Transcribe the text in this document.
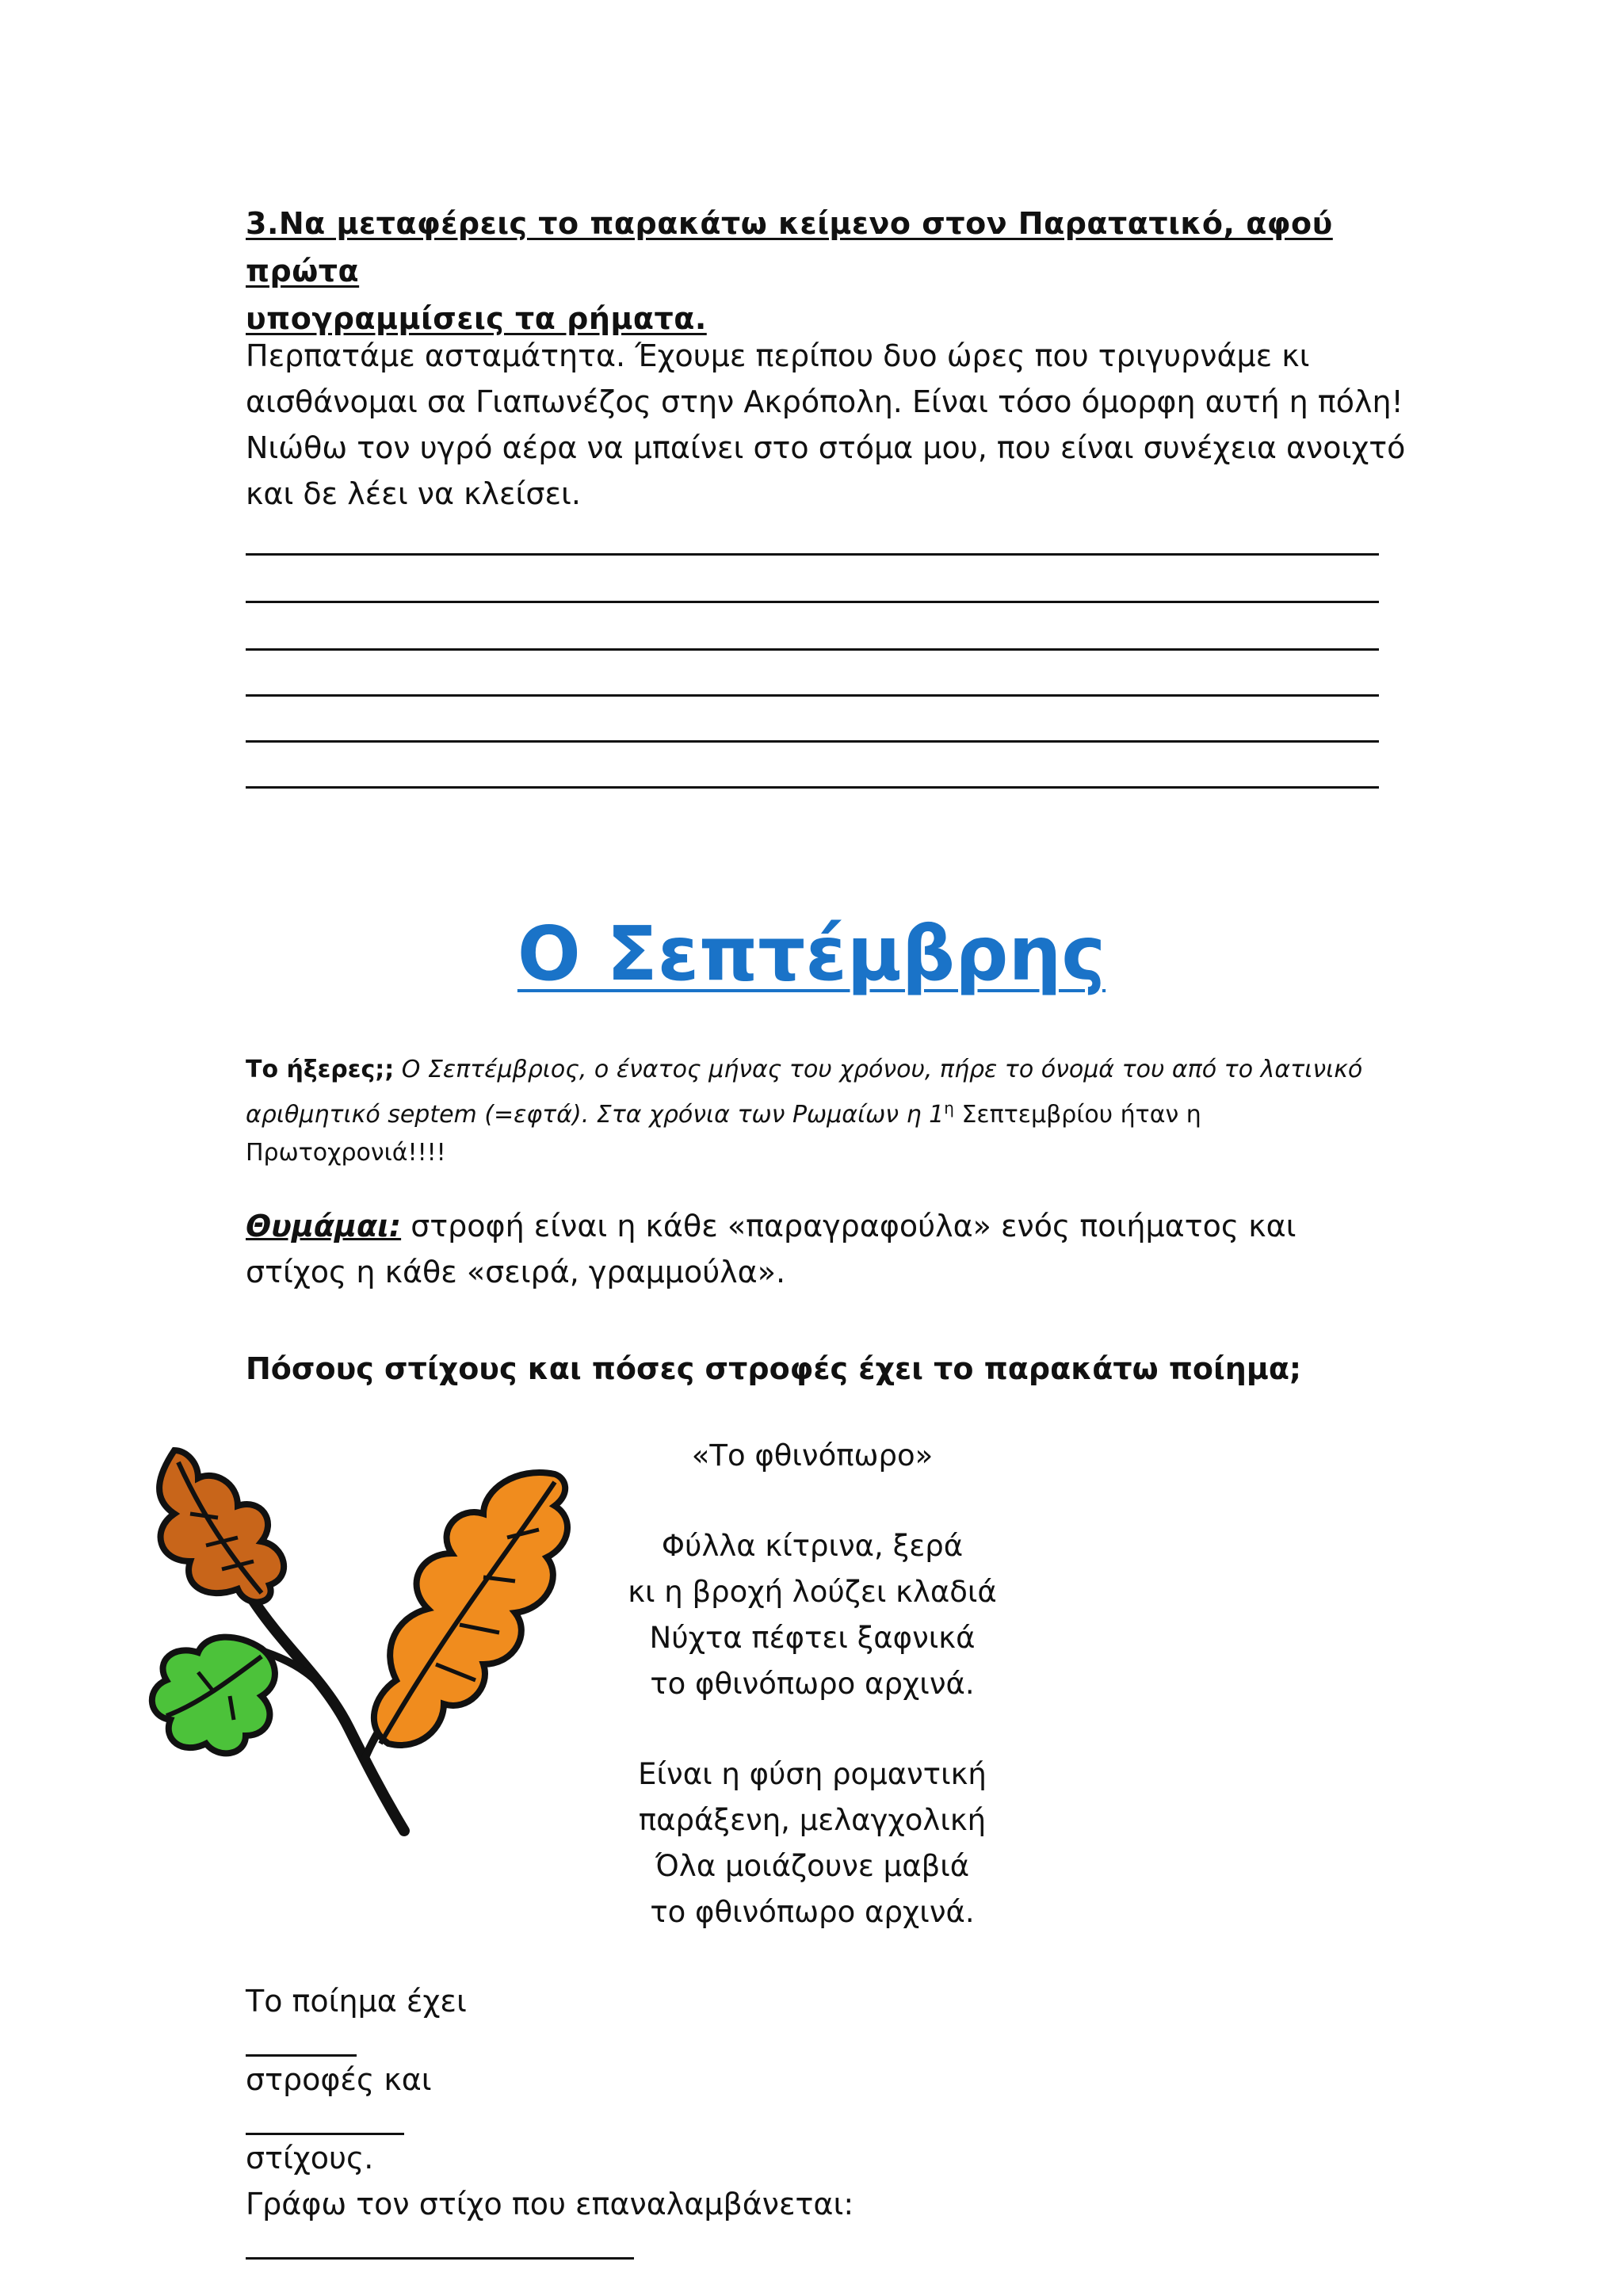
3.Να μεταφέρεις το παρακάτω κείμενο στον Παρατατικό, αφού πρώτα
υπογραμμίσεις τα ρήματα.
Περπατάμε ασταμάτητα. Έχουμε περίπου δυο ώρες που τριγυρνάμε κι
αισθάνομαι σα Γιαπωνέζος στην Ακρόπολη. Είναι τόσο όμορφη αυτή η πόλη!
Νιώθω τον υγρό αέρα να μπαίνει στο στόμα μου, που είναι συνέχεια ανοιχτό
και δε λέει να κλείσει.
Ο Σεπτέμβρης
Το ήξερες;; Ο Σεπτέμβριος, ο ένατος μήνας του χρόνου, πήρε το όνομά του από το λατινικό αριθμητικό septem (=εφτά). Στα χρόνια των Ρωμαίων η $1^\eta$ Σεπτεμβρίου ήταν η Πρωτοχρονιά!!!!
Θυμάμαι: στροφή είναι η κάθε «παραγραφούλα» ενός ποιήματος και στίχος η κάθε «σειρά, γραμμούλα».
Πόσους στίχους και πόσες στροφές έχει το παρακάτω ποίημα;
«Το φθινόπωρο»
Φύλλα κίτρινα, ξερά
κι η βροχή λούζει κλαδιά
Νύχτα πέφτει ξαφνικά
το φθινόπωρο αρχινά.
Είναι η φύση ρομαντική
παράξενη, μελαγχολική
Όλα μοιάζουνε μαβιά
το φθινόπωρο αρχινά.
Το ποίημα έχει
στροφές και
στίχους.
Γράφω τον στίχο που επαναλαμβάνεται:
